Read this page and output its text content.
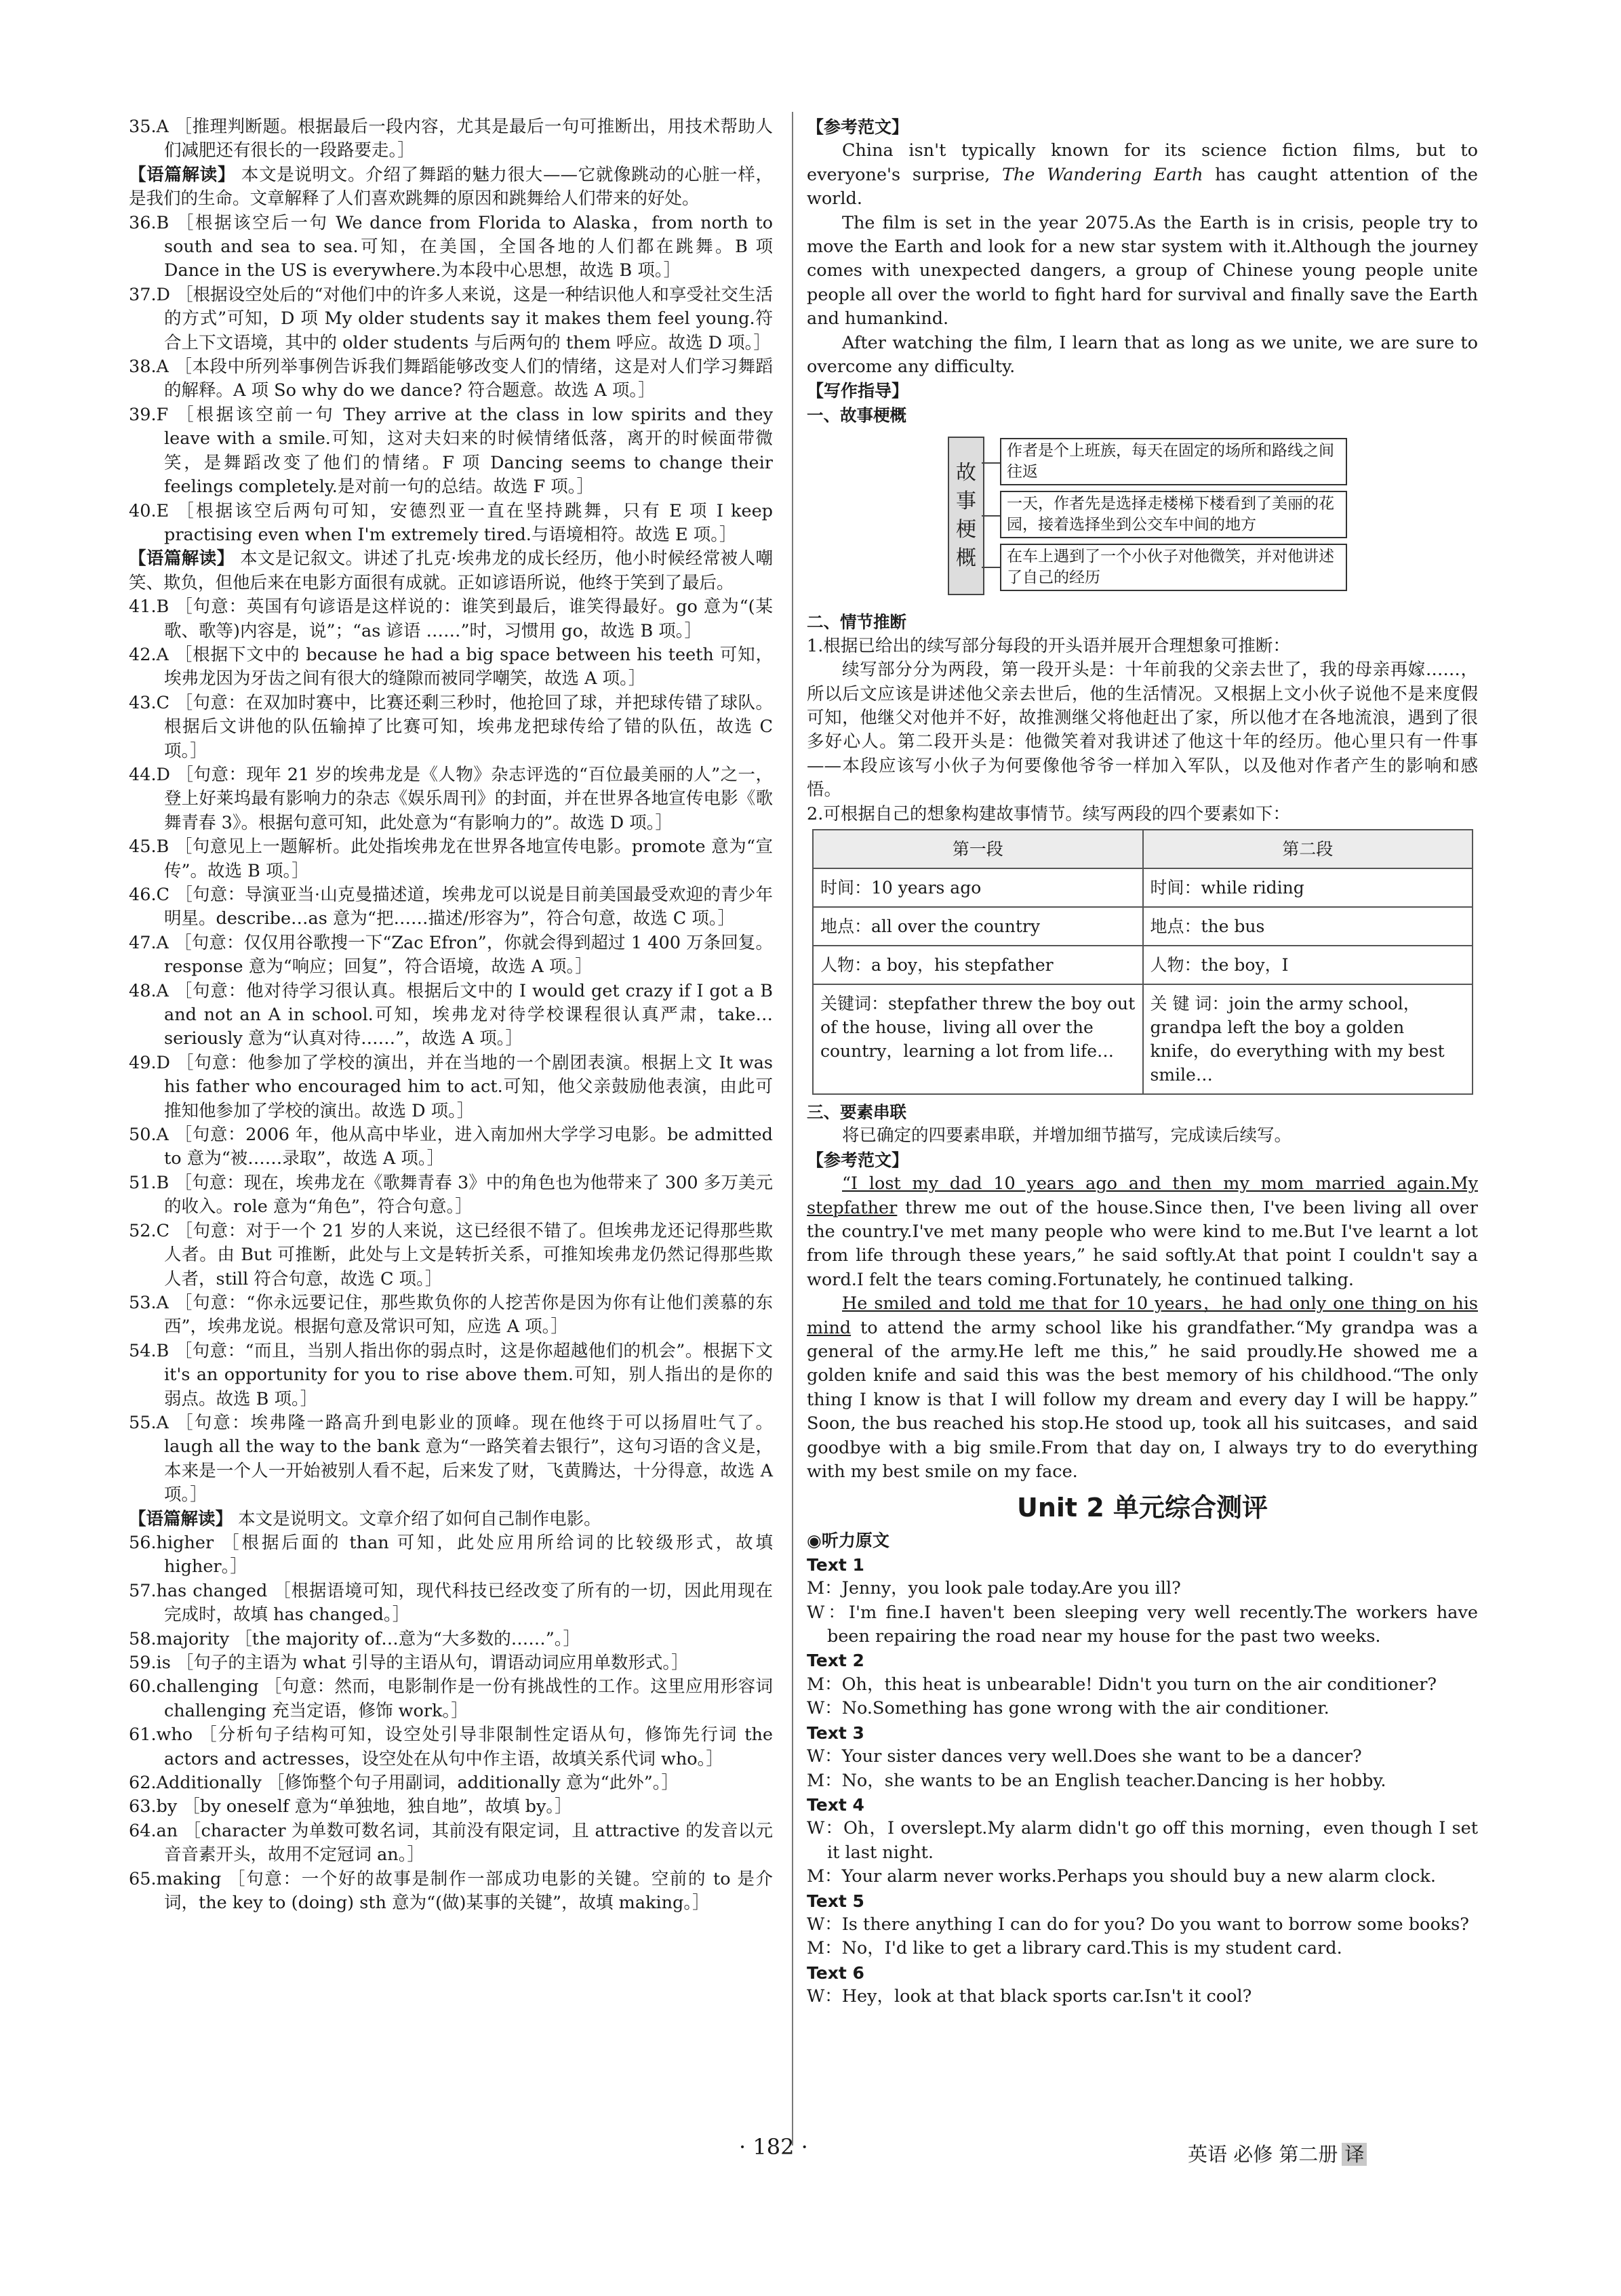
35.A ［推理判断题。根据最后一段内容，尤其是最后一句可推断出，用技术帮助人们减肥还有很长的一段路要走。］

【语篇解读】 本文是说明文。介绍了舞蹈的魅力很大——它就像跳动的心脏一样，是我们的生命。文章解释了人们喜欢跳舞的原因和跳舞给人们带来的好处。

36.B ［根据该空后一句 We dance from Florida to Alaska，from north to south and sea to sea.可知，在美国，全国各地的人们都在跳舞。B 项 Dance in the US is everywhere.为本段中心思想，故选 B 项。］

37.D ［根据设空处后的“对他们中的许多人来说，这是一种结识他人和享受社交生活的方式”可知，D 项 My older students say it makes them feel young.符合上下文语境，其中的 older students 与后两句的 them 呼应。故选 D 项。］

38.A ［本段中所列举事例告诉我们舞蹈能够改变人们的情绪，这是对人们学习舞蹈的解释。A 项 So why do we dance? 符合题意。故选 A 项。］

39.F ［根据该空前一句 They arrive at the class in low spirits and they leave with a smile.可知，这对夫妇来的时候情绪低落，离开的时候面带微笑，是舞蹈改变了他们的情绪。F 项 Dancing seems to change their feelings completely.是对前一句的总结。故选 F 项。］

40.E ［根据该空后两句可知，安德烈亚一直在坚持跳舞，只有 E 项 I keep practising even when I'm extremely tired.与语境相符。故选 E 项。］

【语篇解读】 本文是记叙文。讲述了扎克·埃弗龙的成长经历，他小时候经常被人嘲笑、欺负，但他后来在电影方面很有成就。正如谚语所说，他终于笑到了最后。

41.B ［句意：英国有句谚语是这样说的：谁笑到最后，谁笑得最好。go 意为“(某歌、歌等)内容是，说”；“as 谚语 ……”时，习惯用 go，故选 B 项。］

42.A ［根据下文中的 because he had a big space between his teeth 可知，埃弗龙因为牙齿之间有很大的缝隙而被同学嘲笑，故选 A 项。］

43.C ［句意：在双加时赛中，比赛还剩三秒时，他抢回了球，并把球传错了球队。根据后文讲他的队伍输掉了比赛可知，埃弗龙把球传给了错的队伍，故选 C 项。］

44.D ［句意：现年 21 岁的埃弗龙是《人物》杂志评选的“百位最美丽的人”之一，登上好莱坞最有影响力的杂志《娱乐周刊》的封面，并在世界各地宣传电影《歌舞青春 3》。根据句意可知，此处意为“有影响力的”。故选 D 项。］

45.B ［句意见上一题解析。此处指埃弗龙在世界各地宣传电影。promote 意为“宣传”。故选 B 项。］

46.C ［句意：导演亚当·山克曼描述道，埃弗龙可以说是目前美国最受欢迎的青少年明星。describe…as 意为“把……描述/形容为”，符合句意，故选 C 项。］

47.A ［句意：仅仅用谷歌搜一下“Zac Efron”，你就会得到超过 1 400 万条回复。response 意为“响应；回复”，符合语境，故选 A 项。］

48.A ［句意：他对待学习很认真。根据后文中的 I would get crazy if I got a B and not an A in school.可知，埃弗龙对待学校课程很认真严肃，take…seriously 意为“认真对待……”，故选 A 项。］

49.D ［句意：他参加了学校的演出，并在当地的一个剧团表演。根据上文 It was his father who encouraged him to act.可知，他父亲鼓励他表演，由此可推知他参加了学校的演出。故选 D 项。］

50.A ［句意：2006 年，他从高中毕业，进入南加州大学学习电影。be admitted to 意为“被……录取”，故选 A 项。］

51.B ［句意：现在，埃弗龙在《歌舞青春 3》中的角色也为他带来了 300 多万美元的收入。role 意为“角色”，符合句意。］

52.C ［句意：对于一个 21 岁的人来说，这已经很不错了。但埃弗龙还记得那些欺人者。由 But 可推断，此处与上文是转折关系，可推知埃弗龙仍然记得那些欺人者，still 符合句意，故选 C 项。］

53.A ［句意：“你永远要记住，那些欺负你的人挖苦你是因为你有让他们羡慕的东西”，埃弗龙说。根据句意及常识可知，应选 A 项。］

54.B ［句意：“而且，当别人指出你的弱点时，这是你超越他们的机会”。根据下文 it's an opportunity for you to rise above them.可知，别人指出的是你的弱点。故选 B 项。］

55.A ［句意：埃弗隆一路高升到电影业的顶峰。现在他终于可以扬眉吐气了。laugh all the way to the bank 意为“一路笑着去银行”，这句习语的含义是，本来是一个人一开始被别人看不起，后来发了财，飞黄腾达，十分得意，故选 A 项。］

【语篇解读】 本文是说明文。文章介绍了如何自己制作电影。

56.higher ［根据后面的 than 可知，此处应用所给词的比较级形式，故填 higher。］

57.has changed ［根据语境可知，现代科技已经改变了所有的一切，因此用现在完成时，故填 has changed。］

58.majority ［the majority of…意为“大多数的……”。］

59.is ［句子的主语为 what 引导的主语从句，谓语动词应用单数形式。］

60.challenging ［句意：然而，电影制作是一份有挑战性的工作。这里应用形容词 challenging 充当定语，修饰 work。］

61.who ［分析句子结构可知，设空处引导非限制性定语从句，修饰先行词 the actors and actresses，设空处在从句中作主语，故填关系代词 who。］

62.Additionally ［修饰整个句子用副词，additionally 意为“此外”。］

63.by ［by oneself 意为“单独地，独自地”，故填 by。］

64.an ［character 为单数可数名词，其前没有限定词，且 attractive 的发音以元音音素开头，故用不定冠词 an。］

65.making ［句意：一个好的故事是制作一部成功电影的关键。空前的 to 是介词，the key to (doing) sth 意为“(做)某事的关键”，故填 making。］

【参考范文】

China isn't typically known for its science fiction films, but to everyone's surprise, The Wandering Earth has caught attention of the world.

The film is set in the year 2075.As the Earth is in crisis, people try to move the Earth and look for a new star system with it.Although the journey comes with unexpected dangers, a group of Chinese young people unite people all over the world to fight hard for survival and finally save the Earth and humankind.

After watching the film, I learn that as long as we unite, we are sure to overcome any difficulty.

【写作指导】

一、故事梗概

故
事
梗
概
作者是个上班族，每天在固定的场所和路线之间往返
一天，作者先是选择走楼梯下楼看到了美丽的花园，接着选择坐到公交车中间的地方
在车上遇到了一个小伙子对他微笑，并对他讲述了自己的经历

二、情节推断

1.根据已给出的续写部分每段的开头语并展开合理想象可推断：

续写部分分为两段，第一段开头是：十年前我的父亲去世了，我的母亲再嫁……，所以后文应该是讲述他父亲去世后，他的生活情况。又根据上文小伙子说他不是来度假可知，他继父对他并不好，故推测继父将他赶出了家，所以他才在各地流浪，遇到了很多好心人。第二段开头是：他微笑着对我讲述了他这十年的经历。他心里只有一件事——本段应该写小伙子为何要像他爷爷一样加入军队，以及他对作者产生的影响和感悟。

2.可根据自己的想象构建故事情节。续写两段的四个要素如下：

第一段	第二段
时间：10 years ago	时间：while riding
地点：all over the country	地点：the bus
人物：a boy，his stepfather	人物：the boy，I
关键词：stepfather threw the boy out of the house，living all over the country，learning a lot from life…	关 键 词：join the army school，grandpa left the boy a golden knife，do everything with my best smile…

三、要素串联

将已确定的四要素串联，并增加细节描写，完成读后续写。

【参考范文】

“I lost my dad 10 years ago and then my mom married again.My stepfather threw me out of the house.Since then, I've been living all over the country.I've met many people who were kind to me.But I've learnt a lot from life through these years,” he said softly.At that point I couldn't say a word.I felt the tears coming.Fortunately, he continued talking.

He smiled and told me that for 10 years，he had only one thing on his mind to attend the army school like his grandfather.“My grandpa was a general of the army.He left me this,” he said proudly.He showed me a golden knife and said this was the best memory of his childhood.“The only thing I know is that I will follow my dream and every day I will be happy.” Soon, the bus reached his stop.He stood up, took all his suitcases，and said goodbye with a big smile.From that day on, I always try to do everything with my best smile on my face.

Unit 2 单元综合测评

◉听力原文

Text 1

M：Jenny，you look pale today.Are you ill?

W：I'm fine.I haven't been sleeping very well recently.The workers have been repairing the road near my house for the past two weeks.

Text 2

M：Oh，this heat is unbearable! Didn't you turn on the air conditioner?

W：No.Something has gone wrong with the air conditioner.

Text 3

W：Your sister dances very well.Does she want to be a dancer?

M：No，she wants to be an English teacher.Dancing is her hobby.

Text 4

W：Oh，I overslept.My alarm didn't go off this morning，even though I set it last night.

M：Your alarm never works.Perhaps you should buy a new alarm clock.

Text 5

W：Is there anything I can do for you? Do you want to borrow some books?

M：No，I'd like to get a library card.This is my student card.

Text 6

W：Hey，look at that black sports car.Isn't it cool?

· 182 ·	英语 必修 第二册 译
